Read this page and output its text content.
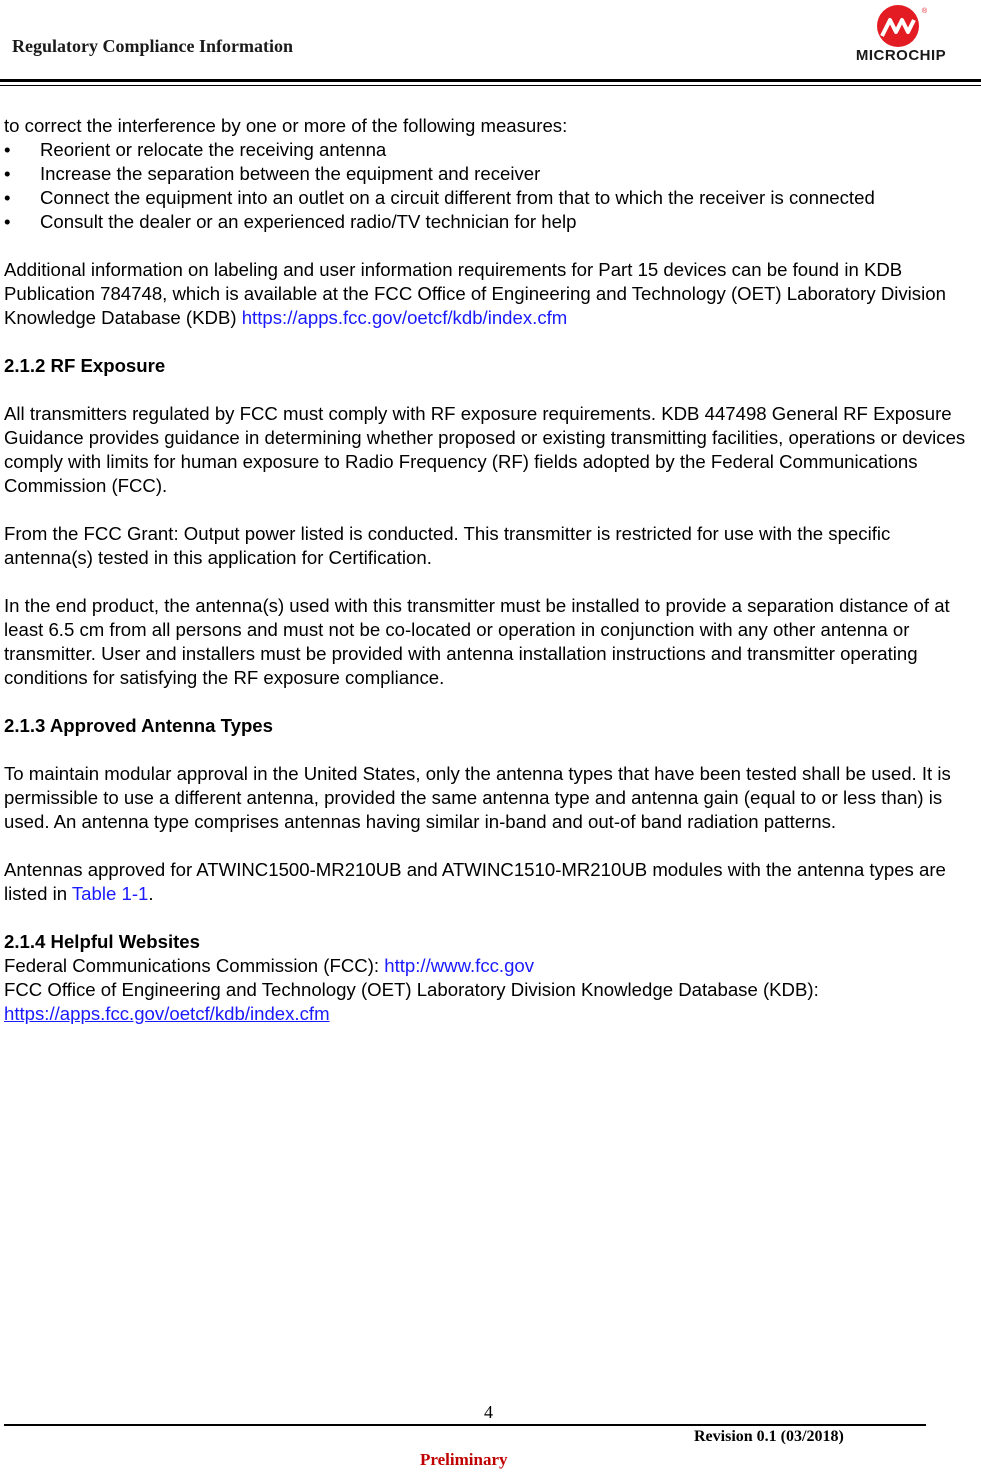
Regulatory Compliance Information
®
MICROCHIP

to correct the interference by one or more of the following measures:

• Reorient or relocate the receiving antenna
• Increase the separation between the equipment and receiver
• Connect the equipment into an outlet on a circuit different from that to which the receiver is connected
• Consult the dealer or an experienced radio/TV technician for help

Additional information on labeling and user information requirements for Part 15 devices can be found in KDB Publication 784748, which is available at the FCC Office of Engineering and Technology (OET) Laboratory Division Knowledge Database (KDB) https://apps.fcc.gov/oetcf/kdb/index.cfm

2.1.2 RF Exposure

All transmitters regulated by FCC must comply with RF exposure requirements. KDB 447498 General RF Exposure Guidance provides guidance in determining whether proposed or existing transmitting facilities, operations or devices comply with limits for human exposure to Radio Frequency (RF) fields adopted by the Federal Communications Commission (FCC).

From the FCC Grant: Output power listed is conducted. This transmitter is restricted for use with the specific antenna(s) tested in this application for Certification.

In the end product, the antenna(s) used with this transmitter must be installed to provide a separation distance of at least 6.5 cm from all persons and must not be co-located or operation in conjunction with any other antenna or transmitter. User and installers must be provided with antenna installation instructions and transmitter operating conditions for satisfying the RF exposure compliance.

2.1.3 Approved Antenna Types

To maintain modular approval in the United States, only the antenna types that have been tested shall be used. It is permissible to use a different antenna, provided the same antenna type and antenna gain (equal to or less than) is used. An antenna type comprises antennas having similar in-band and out-of band radiation patterns.

Antennas approved for ATWINC1500-MR210UB and ATWINC1510-MR210UB modules with the antenna types are listed in Table 1-1.

2.1.4 Helpful Websites

Federal Communications Commission (FCC): http://www.fcc.gov

FCC Office of Engineering and Technology (OET) Laboratory Division Knowledge Database (KDB):

https://apps.fcc.gov/oetcf/kdb/index.cfm

4
Revision 0.1 (03/2018)
Preliminary
